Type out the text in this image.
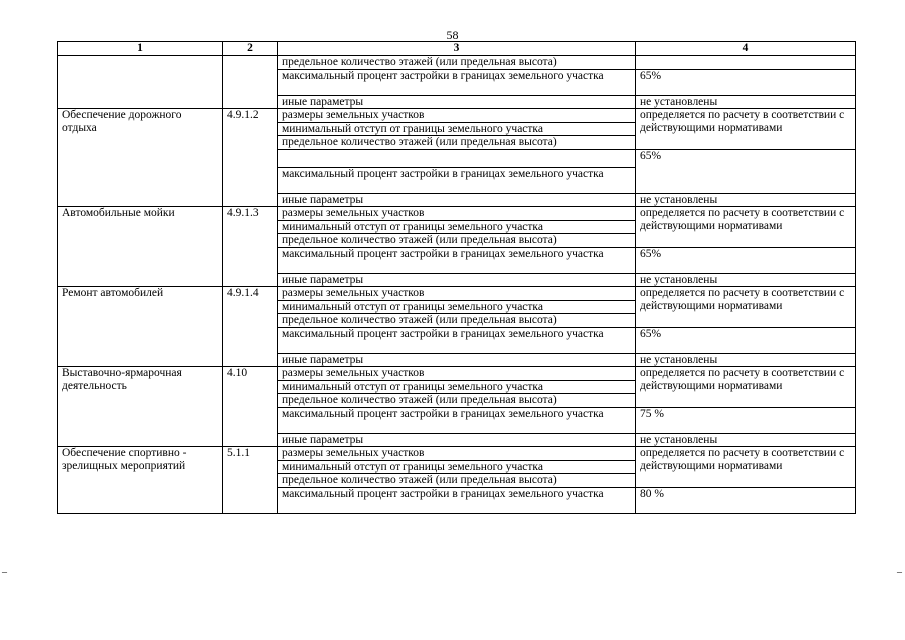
58
1	2	3	4
		предельное количество этажей (или предельная высота)	
		максимальный процент застройки в границах земельного участка	65%
		иные параметры	не установлены
Обеспечение дорожного отдыха	4.9.1.2	размеры земельных участков	определяется по расчету в соответствии с действующими нормативами
		минимальный отступ от границы земельного участка	
		предельное количество этажей (или предельная высота)	
			65%
		максимальный процент застройки в границах земельного участка	
		иные параметры	не установлены
Автомобильные мойки	4.9.1.3	размеры земельных участков	определяется по расчету в соответствии с действующими нормативами
		минимальный отступ от границы земельного участка	
		предельное количество этажей (или предельная высота)	
		максимальный процент застройки в границах земельного участка	65%
		иные параметры	не установлены
Ремонт автомобилей	4.9.1.4	размеры земельных участков	определяется по расчету в соответствии с действующими нормативами
		минимальный отступ от границы земельного участка	
		предельное количество этажей (или предельная высота)	
		максимальный процент застройки в границах земельного участка	65%
		иные параметры	не установлены
Выставочно-ярмарочная деятельность	4.10	размеры земельных участков	определяется по расчету в соответствии с действующими нормативами
		минимальный отступ от границы земельного участка	
		предельное количество этажей (или предельная высота)	
		максимальный процент застройки в границах земельного участка	75 %
		иные параметры	не установлены
Обеспечение спортивно - зрелищных мероприятий	5.1.1	размеры земельных участков	определяется по расчету в соответствии с действующими нормативами
		минимальный отступ от границы земельного участка	
		предельное количество этажей (или предельная высота)	
		максимальный процент застройки в границах земельного участка	80 %
‒	‒
